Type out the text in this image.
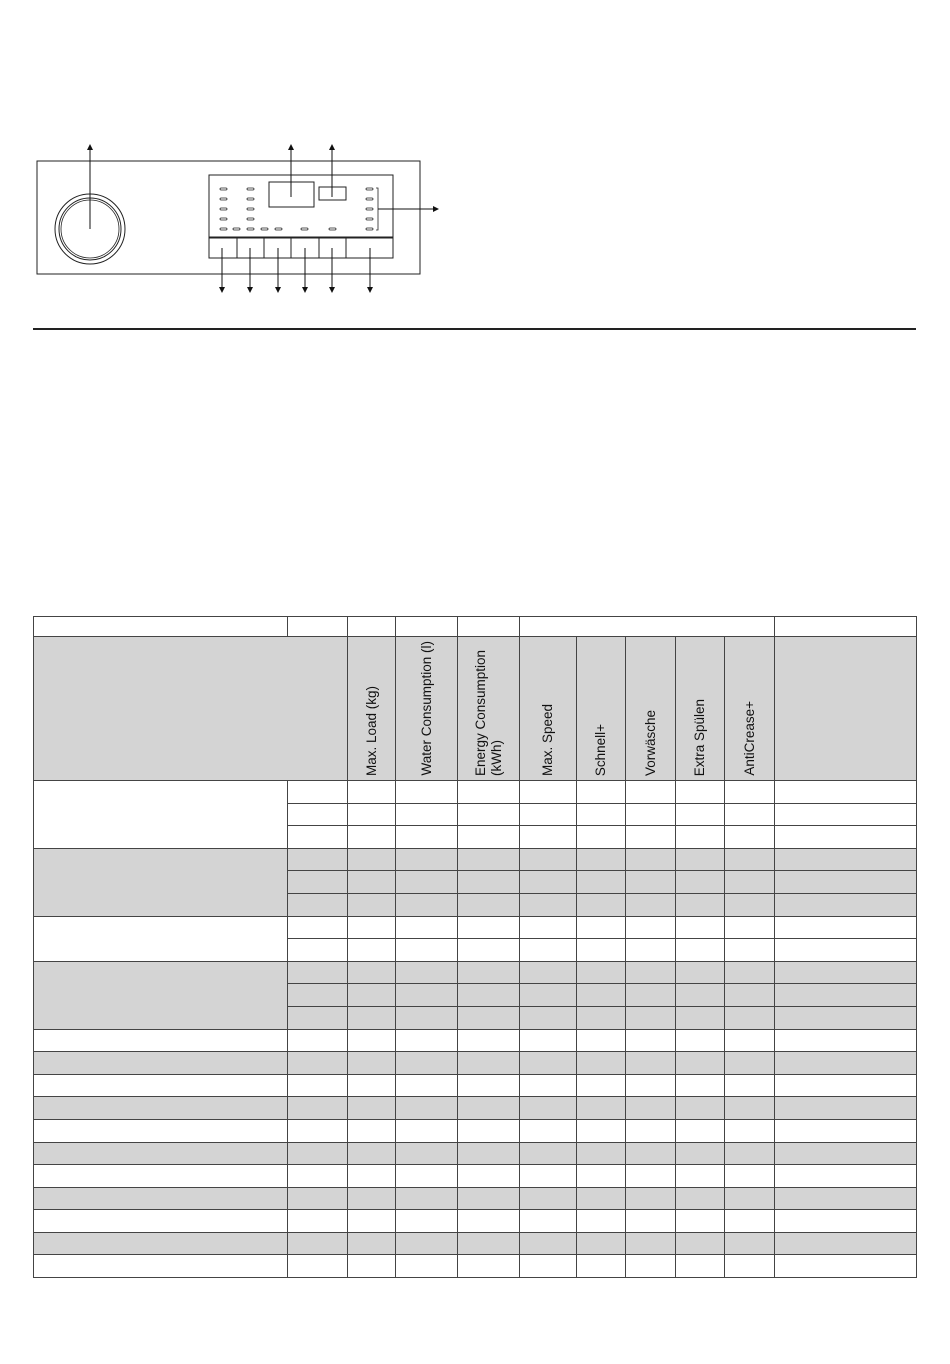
		Max. Load (kg)	Water Consumption (l)	Energy Consumption (kWh)	Max. Speed	Schnell+	Vorwäsche	Extra Spülen	AntiCrease+	
